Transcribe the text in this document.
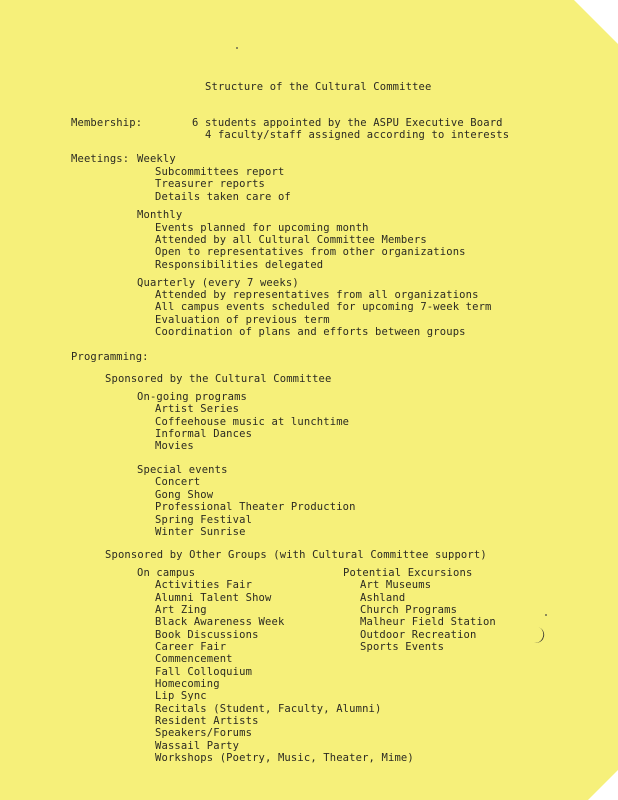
Structure of the Cultural Committee
Membership:	6 students appointed by the ASPU Executive Board
4 faculty/staff assigned according to interests
Meetings: Weekly
Subcommittees report
Treasurer reports
Details taken care of
Monthly
Events planned for upcoming month
Attended by all Cultural Committee Members
Open to representatives from other organizations
Responsibilities delegated
Quarterly (every 7 weeks)
Attended by representatives from all organizations
All campus events scheduled for upcoming 7-week term
Evaluation of previous term
Coordination of plans and efforts between groups
Programming:
Sponsored by the Cultural Committee
On-going programs
Artist Series
Coffeehouse music at lunchtime
Informal Dances
Movies
Special events
Concert
Gong Show
Professional Theater Production
Spring Festival
Winter Sunrise
Sponsored by Other Groups (with Cultural Committee support)
On campus
Activities Fair
Alumni Talent Show
Art Zing
Black Awareness Week
Book Discussions
Career Fair
Commencement
Fall Colloquium
Homecoming
Lip Sync
Recitals (Student, Faculty, Alumni)
Resident Artists
Speakers/Forums
Wassail Party
Workshops (Poetry, Music, Theater, Mime)
Potential Excursions
Art Museums
Ashland
Church Programs
Malheur Field Station
Outdoor Recreation
Sports Events
